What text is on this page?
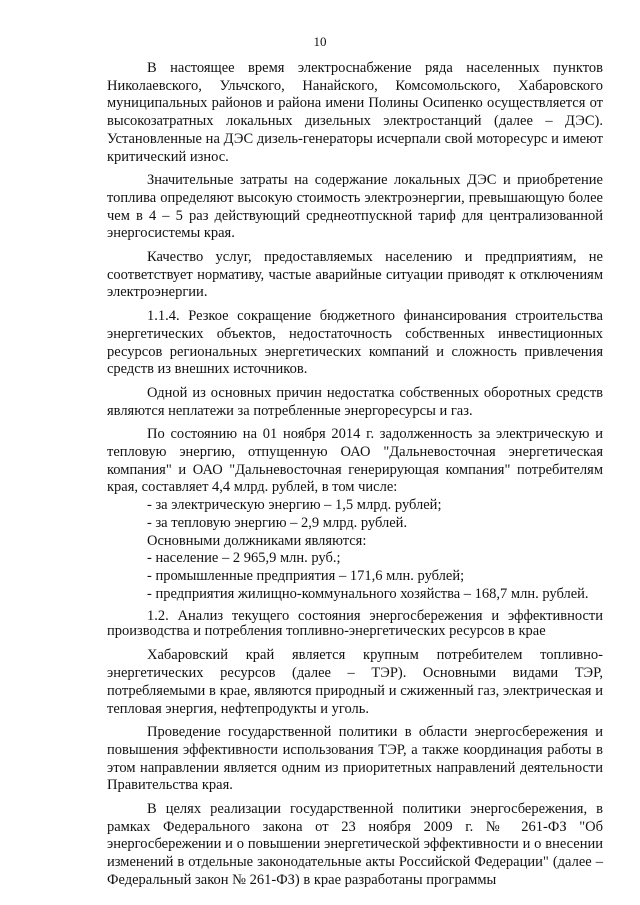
10

В настоящее время электроснабжение ряда населенных пунктов Николаевского, Ульчского, Нанайского, Комсомольского, Хабаровского муниципальных районов и района имени Полины Осипенко осуществляется от высокозатратных локальных дизельных электростанций (далее – ДЭС). Установленные на ДЭС дизель-генераторы исчерпали свой моторесурс и имеют критический износ.

Значительные затраты на содержание локальных ДЭС и приобретение топлива определяют высокую стоимость электроэнергии, превышающую более чем в 4 – 5 раз действующий среднеотпускной тариф для централизованной энергосистемы края.

Качество услуг, предоставляемых населению и предприятиям, не соответствует нормативу, частые аварийные ситуации приводят к отключениям электроэнергии.

1.1.4. Резкое сокращение бюджетного финансирования строительства энергетических объектов, недостаточность собственных инвестиционных ресурсов региональных энергетических компаний и сложность привлечения средств из внешних источников.

Одной из основных причин недостатка собственных оборотных средств являются неплатежи за потребленные энергоресурсы и газ.

По состоянию на 01 ноября 2014 г. задолженность за электрическую и тепловую энергию, отпущенную ОАО "Дальневосточная энергетическая компания" и ОАО "Дальневосточная генерирующая компания" потребителям края, составляет 4,4 млрд. рублей, в том числе:

- за электрическую энергию – 1,5 млрд. рублей;
- за тепловую энергию – 2,9 млрд. рублей.
Основными должниками являются:
- население – 2 965,9 млн. руб.;
- промышленные предприятия – 171,6 млн. рублей;
- предприятия жилищно-коммунального хозяйства – 168,7 млн. рублей.

1.2. Анализ текущего состояния энергосбережения и эффективности производства и потребления топливно-энергетических ресурсов в крае

Хабаровский край является крупным потребителем топливно-энергетических ресурсов (далее – ТЭР). Основными видами ТЭР, потребляемыми в крае, являются природный и сжиженный газ, электрическая и тепловая энергия, нефтепродукты и уголь.

Проведение государственной политики в области энергосбережения и повышения эффективности использования ТЭР, а также координация работы в этом направлении является одним из приоритетных направлений деятельности Правительства края.

В целях реализации государственной политики энергосбережения, в рамках Федерального закона от 23 ноября 2009 г. № 261-ФЗ "Об энергосбережении и о повышении энергетической эффективности и о внесении изменений в отдельные законодательные акты Российской Федерации" (далее – Федеральный закон № 261-ФЗ) в крае разработаны программы
